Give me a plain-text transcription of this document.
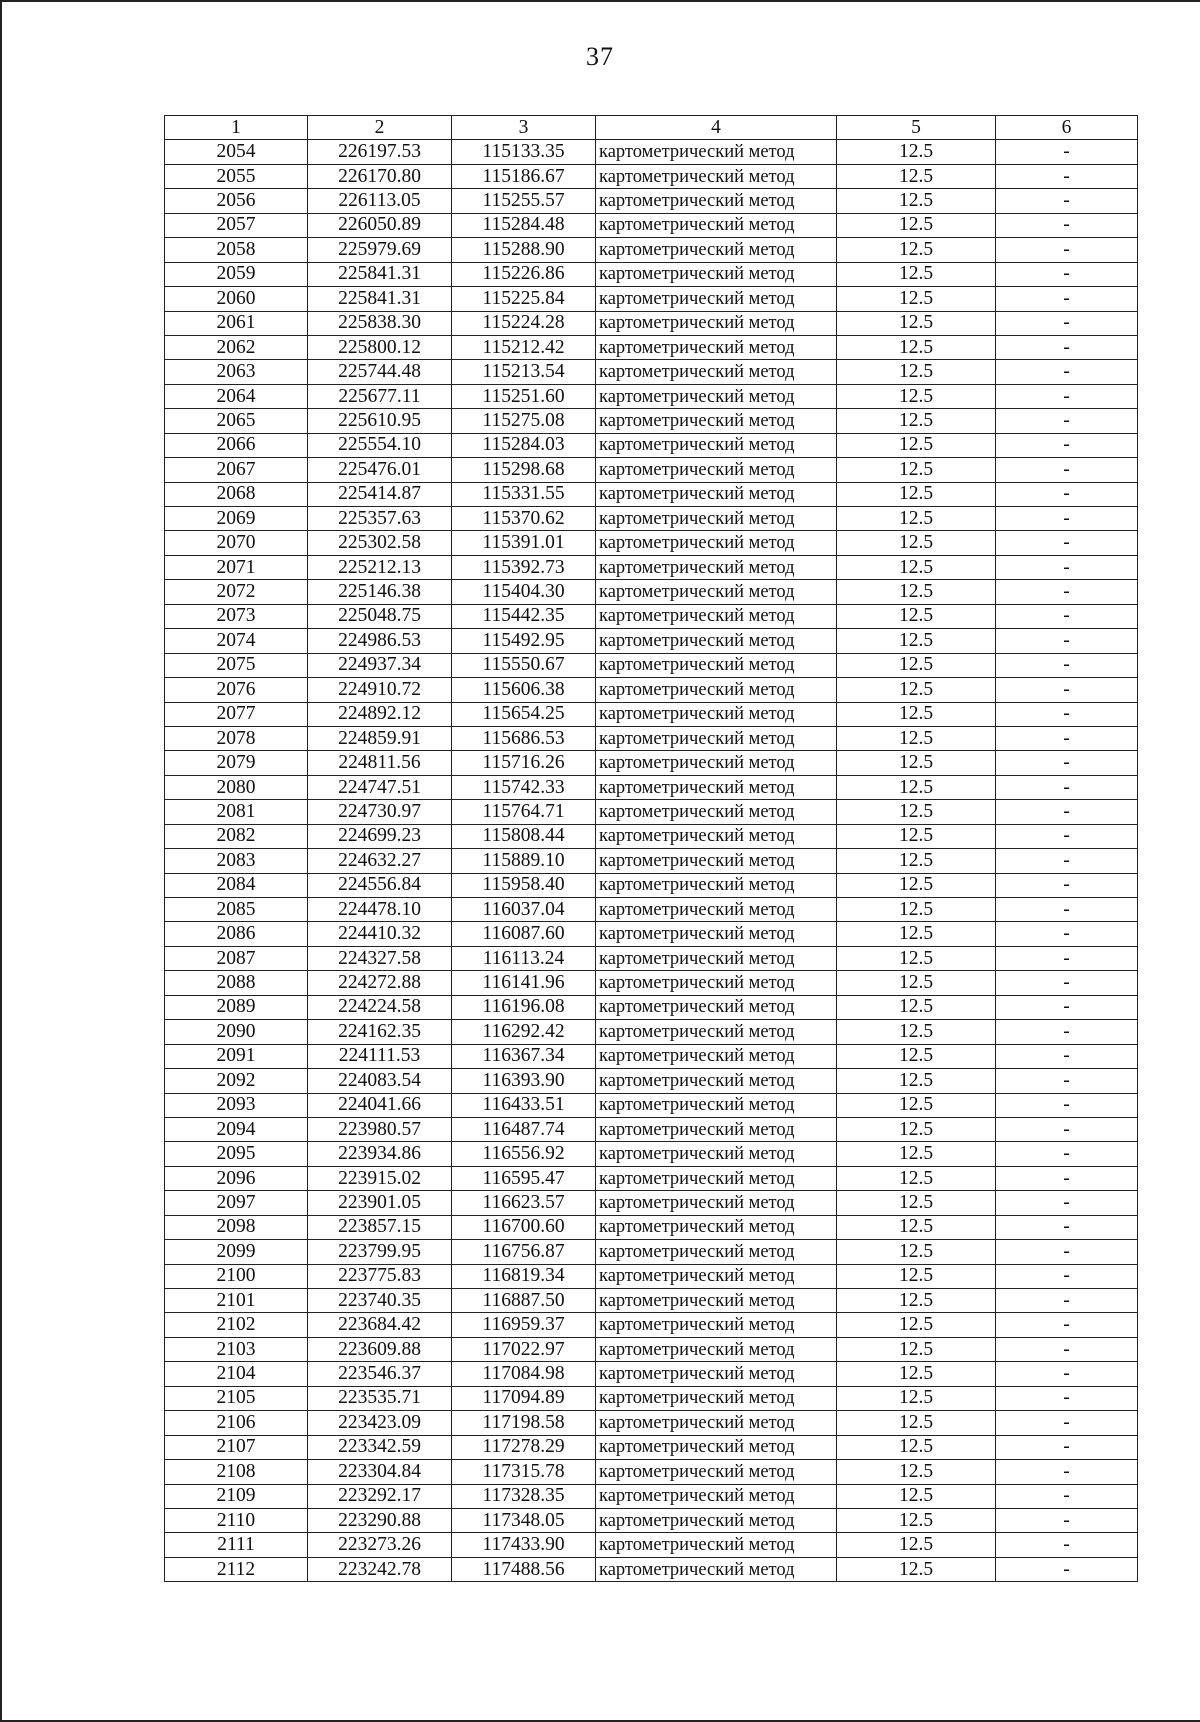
37
1	2	3	4	5	6
2054	226197.53	115133.35	картометрический метод	12.5	-
2055	226170.80	115186.67	картометрический метод	12.5	-
2056	226113.05	115255.57	картометрический метод	12.5	-
2057	226050.89	115284.48	картометрический метод	12.5	-
2058	225979.69	115288.90	картометрический метод	12.5	-
2059	225841.31	115226.86	картометрический метод	12.5	-
2060	225841.31	115225.84	картометрический метод	12.5	-
2061	225838.30	115224.28	картометрический метод	12.5	-
2062	225800.12	115212.42	картометрический метод	12.5	-
2063	225744.48	115213.54	картометрический метод	12.5	-
2064	225677.11	115251.60	картометрический метод	12.5	-
2065	225610.95	115275.08	картометрический метод	12.5	-
2066	225554.10	115284.03	картометрический метод	12.5	-
2067	225476.01	115298.68	картометрический метод	12.5	-
2068	225414.87	115331.55	картометрический метод	12.5	-
2069	225357.63	115370.62	картометрический метод	12.5	-
2070	225302.58	115391.01	картометрический метод	12.5	-
2071	225212.13	115392.73	картометрический метод	12.5	-
2072	225146.38	115404.30	картометрический метод	12.5	-
2073	225048.75	115442.35	картометрический метод	12.5	-
2074	224986.53	115492.95	картометрический метод	12.5	-
2075	224937.34	115550.67	картометрический метод	12.5	-
2076	224910.72	115606.38	картометрический метод	12.5	-
2077	224892.12	115654.25	картометрический метод	12.5	-
2078	224859.91	115686.53	картометрический метод	12.5	-
2079	224811.56	115716.26	картометрический метод	12.5	-
2080	224747.51	115742.33	картометрический метод	12.5	-
2081	224730.97	115764.71	картометрический метод	12.5	-
2082	224699.23	115808.44	картометрический метод	12.5	-
2083	224632.27	115889.10	картометрический метод	12.5	-
2084	224556.84	115958.40	картометрический метод	12.5	-
2085	224478.10	116037.04	картометрический метод	12.5	-
2086	224410.32	116087.60	картометрический метод	12.5	-
2087	224327.58	116113.24	картометрический метод	12.5	-
2088	224272.88	116141.96	картометрический метод	12.5	-
2089	224224.58	116196.08	картометрический метод	12.5	-
2090	224162.35	116292.42	картометрический метод	12.5	-
2091	224111.53	116367.34	картометрический метод	12.5	-
2092	224083.54	116393.90	картометрический метод	12.5	-
2093	224041.66	116433.51	картометрический метод	12.5	-
2094	223980.57	116487.74	картометрический метод	12.5	-
2095	223934.86	116556.92	картометрический метод	12.5	-
2096	223915.02	116595.47	картометрический метод	12.5	-
2097	223901.05	116623.57	картометрический метод	12.5	-
2098	223857.15	116700.60	картометрический метод	12.5	-
2099	223799.95	116756.87	картометрический метод	12.5	-
2100	223775.83	116819.34	картометрический метод	12.5	-
2101	223740.35	116887.50	картометрический метод	12.5	-
2102	223684.42	116959.37	картометрический метод	12.5	-
2103	223609.88	117022.97	картометрический метод	12.5	-
2104	223546.37	117084.98	картометрический метод	12.5	-
2105	223535.71	117094.89	картометрический метод	12.5	-
2106	223423.09	117198.58	картометрический метод	12.5	-
2107	223342.59	117278.29	картометрический метод	12.5	-
2108	223304.84	117315.78	картометрический метод	12.5	-
2109	223292.17	117328.35	картометрический метод	12.5	-
2110	223290.88	117348.05	картометрический метод	12.5	-
2111	223273.26	117433.90	картометрический метод	12.5	-
2112	223242.78	117488.56	картометрический метод	12.5	-
